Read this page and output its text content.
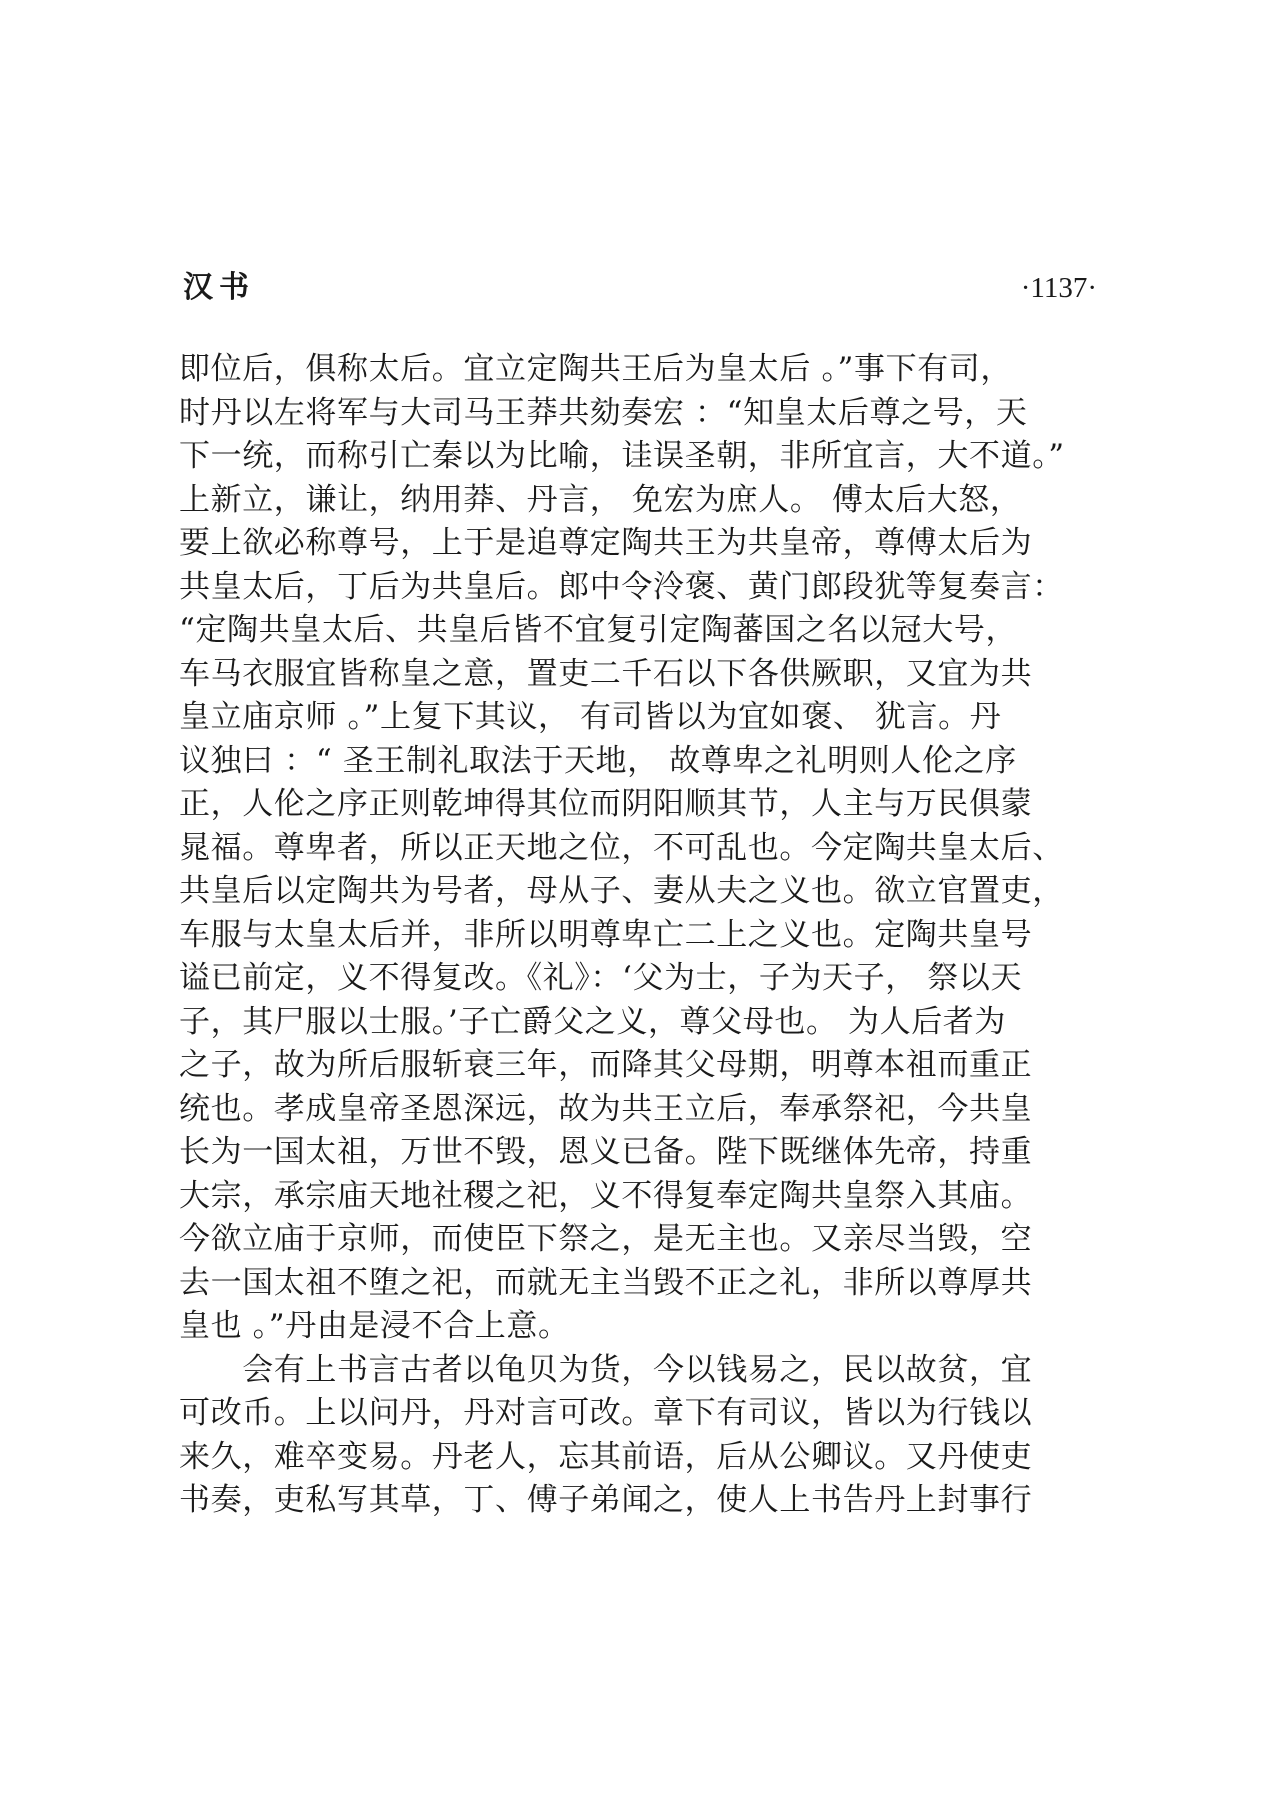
汉书	·1137·
即位后，俱称太后。宜立定陶共王后为皇太后 。”事下有司，
时丹以左将军与大司马王莽共劾奏宏 ：“知皇太后尊之号，天
下一统，而称引亡秦以为比喻，诖误圣朝，非所宜言，大不道。”
上新立，谦让，纳用莽、丹言， 免宏为庶人。 傅太后大怒，
要上欲必称尊号，上于是追尊定陶共王为共皇帝，尊傅太后为
共皇太后，丁后为共皇后。郎中令泠褒、黄门郎段犹等复奏言：
“定陶共皇太后、共皇后皆不宜复引定陶蕃国之名以冠大号，
车马衣服宜皆称皇之意，置吏二千石以下各供厥职，又宜为共
皇立庙京师 。”上复下其议， 有司皆以为宜如褒、 犹言。丹
议独曰 ：“ 圣王制礼取法于天地， 故尊卑之礼明则人伦之序
正，人伦之序正则乾坤得其位而阴阳顺其节，人主与万民俱蒙
晁福。尊卑者，所以正天地之位，不可乱也。今定陶共皇太后、
共皇后以定陶共为号者，母从子、妻从夫之义也。欲立官置吏，
车服与太皇太后并，非所以明尊卑亡二上之义也。定陶共皇号
谥已前定，义不得复改。《礼》：‘父为士，子为天子， 祭以天
子，其尸服以士服。’子亡爵父之义，尊父母也。 为人后者为
之子，故为所后服斩衰三年，而降其父母期，明尊本祖而重正
统也。孝成皇帝圣恩深远，故为共王立后，奉承祭祀，今共皇
长为一国太祖，万世不毁，恩义已备。陛下既继体先帝，持重
大宗，承宗庙天地社稷之祀，义不得复奉定陶共皇祭入其庙。
今欲立庙于京师，而使臣下祭之，是无主也。又亲尽当毁，空
去一国太祖不堕之祀，而就无主当毁不正之礼，非所以尊厚共
皇也 。”丹由是浸不合上意。
　　会有上书言古者以龟贝为货，今以钱易之，民以故贫，宜
可改币。上以问丹，丹对言可改。章下有司议，皆以为行钱以
来久，难卒变易。丹老人，忘其前语，后从公卿议。又丹使吏
书奏，吏私写其草，丁、傅子弟闻之，使人上书告丹上封事行
